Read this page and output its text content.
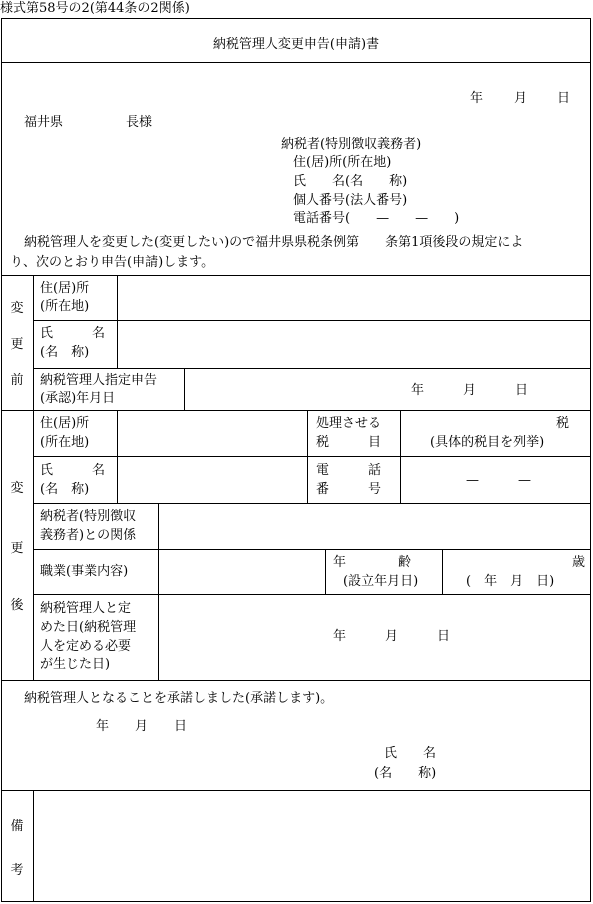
様式第58号の2(第44条の2関係)
納税管理人変更申告(申請)書
年 月 日
福井県	長様
納税者(特別徴収義務者)
住(居)所(所在地)
氏　　名(名　　称)
個人番号(法人番号)
電話番号(　　—　　—　　)
納税管理人を変更した(変更したい)ので福井県県税条例第　　条第1項後段の規定によ
り、次のとおり申告(申請)します。
変
更
前
住(居)所
(所在地)
氏　　　名
(名　称)
納税管理人指定申告
(承認)年月日
年　　　月　　　日
変
更
後
住(居)所
(所在地)
処理させる
税　　　目
税
(具体的税目を列挙)
氏　　　名
(名　称)
電　　　話
番　　　号
—　　　—
納税者(特別徴収
義務者)との関係
職業(事業内容)
年　　　　齢
(設立年月日)
歳
(　年　月　日)
納税管理人と定
めた日(納税管理
人を定める必要
が生じた日)
年　　　月　　　日
納税管理人となることを承諾しました(承諾します)。
年　　月　　日
氏　　名
(名　　称)
備
考
